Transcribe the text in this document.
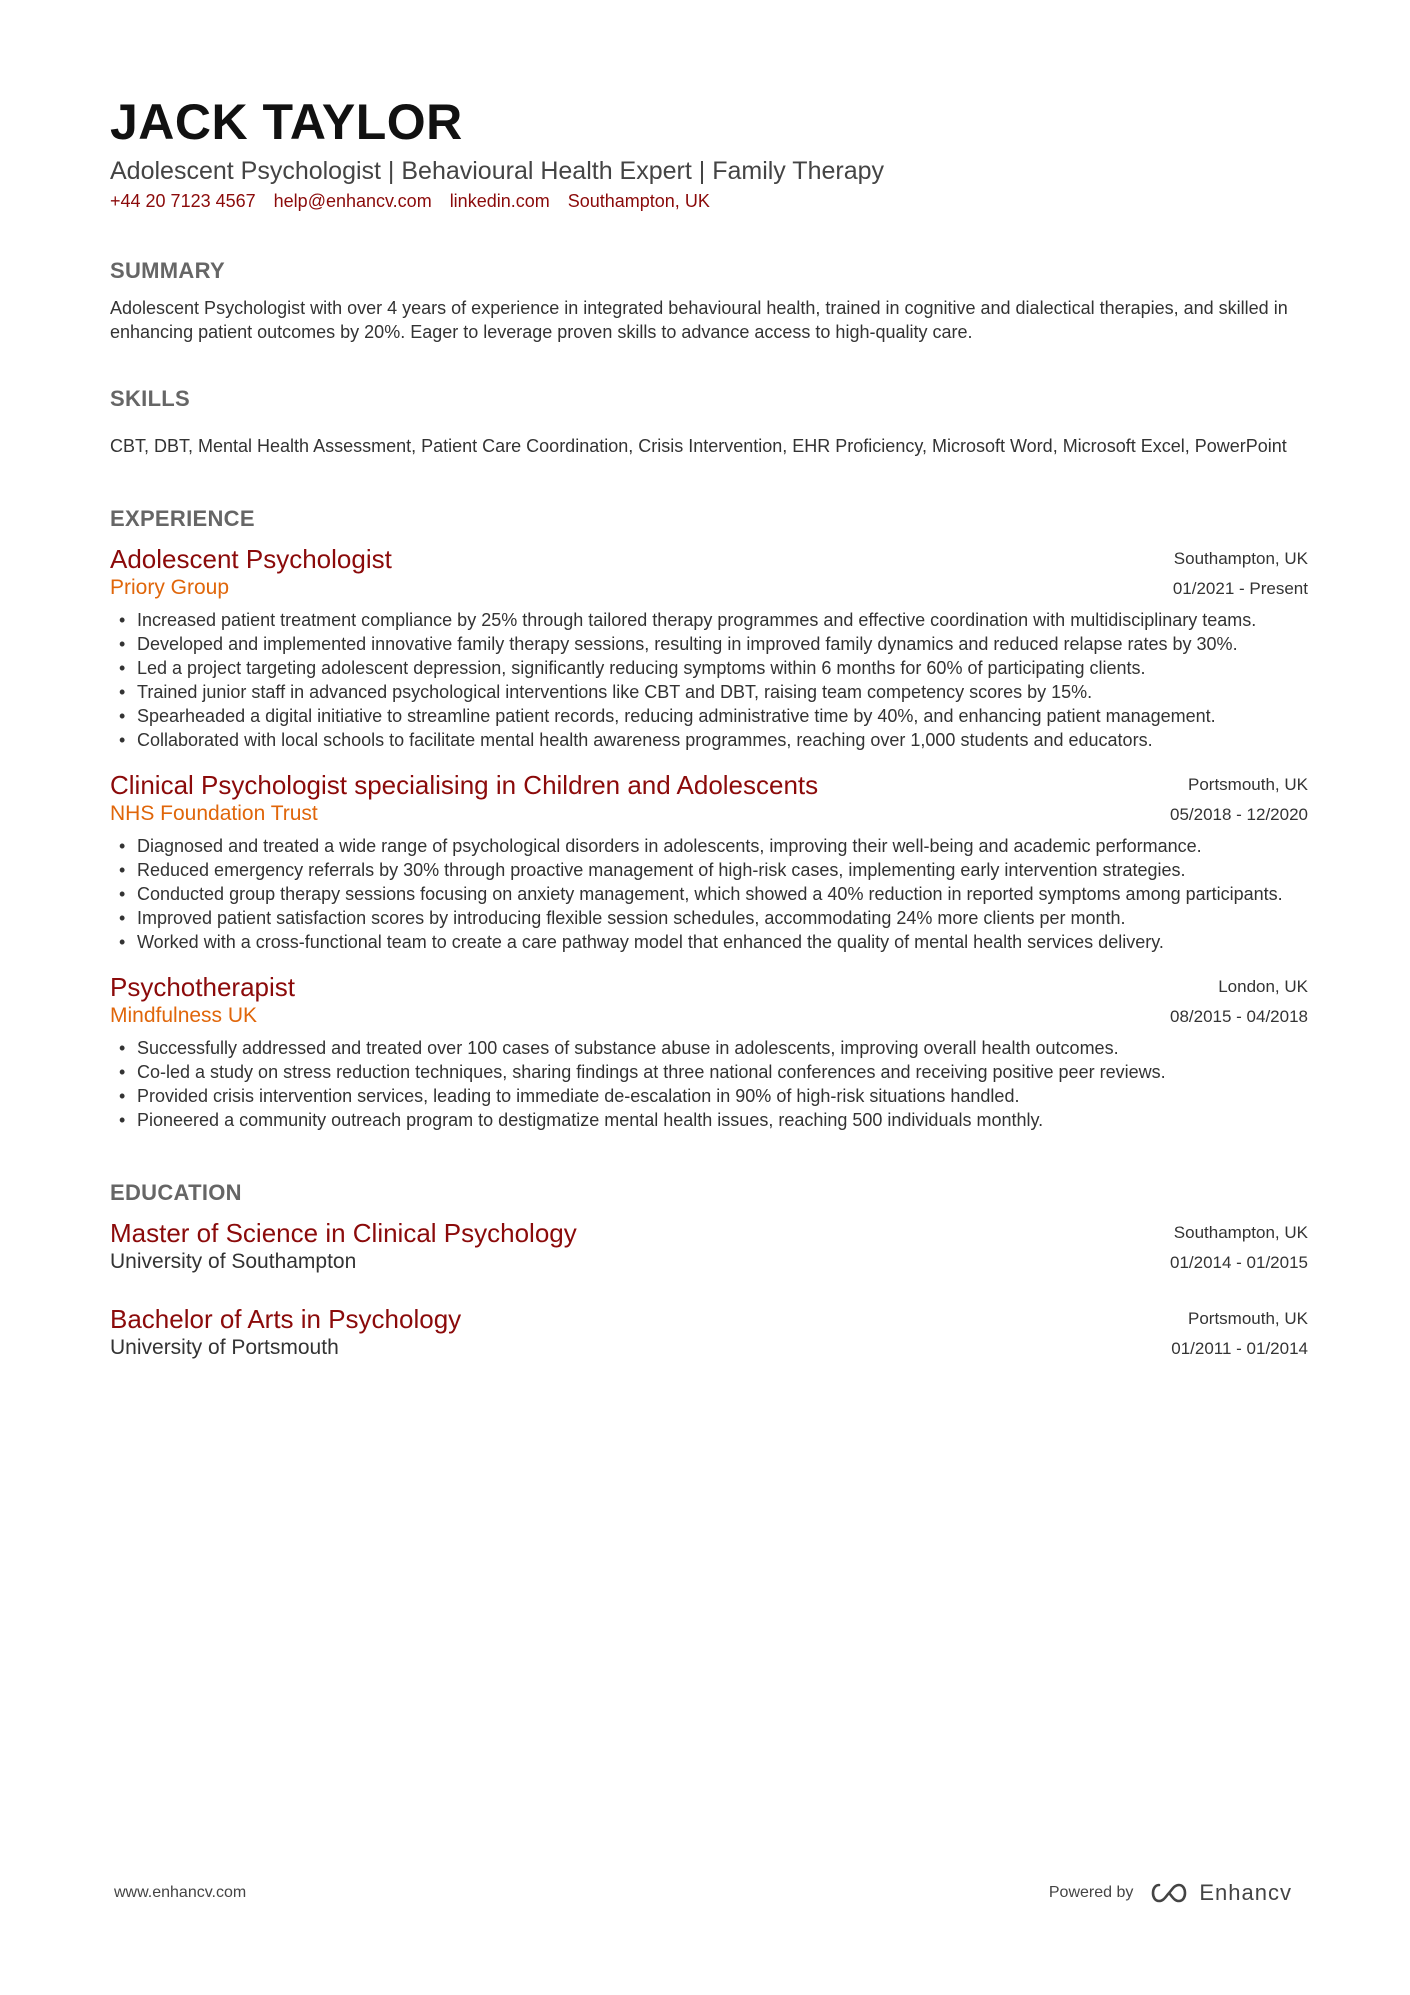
JACK TAYLOR
Adolescent Psychologist | Behavioural Health Expert | Family Therapy
+44 20 7123 4567 help@enhancv.com linkedin.com Southampton, UK
SUMMARY
Adolescent Psychologist with over 4 years of experience in integrated behavioural health, trained in cognitive and dialectical therapies, and skilled in enhancing patient outcomes by 20%. Eager to leverage proven skills to advance access to high-quality care.
SKILLS
CBT, DBT, Mental Health Assessment, Patient Care Coordination, Crisis Intervention, EHR Proficiency, Microsoft Word, Microsoft Excel, PowerPoint
EXPERIENCE
Adolescent Psychologist
Priory Group
Southampton, UK
01/2021 - Present
• Increased patient treatment compliance by 25% through tailored therapy programmes and effective coordination with multidisciplinary teams.
• Developed and implemented innovative family therapy sessions, resulting in improved family dynamics and reduced relapse rates by 30%.
• Led a project targeting adolescent depression, significantly reducing symptoms within 6 months for 60% of participating clients.
• Trained junior staff in advanced psychological interventions like CBT and DBT, raising team competency scores by 15%.
• Spearheaded a digital initiative to streamline patient records, reducing administrative time by 40%, and enhancing patient management.
• Collaborated with local schools to facilitate mental health awareness programmes, reaching over 1,000 students and educators.
Clinical Psychologist specialising in Children and Adolescents
NHS Foundation Trust
Portsmouth, UK
05/2018 - 12/2020
• Diagnosed and treated a wide range of psychological disorders in adolescents, improving their well-being and academic performance.
• Reduced emergency referrals by 30% through proactive management of high-risk cases, implementing early intervention strategies.
• Conducted group therapy sessions focusing on anxiety management, which showed a 40% reduction in reported symptoms among participants.
• Improved patient satisfaction scores by introducing flexible session schedules, accommodating 24% more clients per month.
• Worked with a cross-functional team to create a care pathway model that enhanced the quality of mental health services delivery.
Psychotherapist
Mindfulness UK
London, UK
08/2015 - 04/2018
• Successfully addressed and treated over 100 cases of substance abuse in adolescents, improving overall health outcomes.
• Co-led a study on stress reduction techniques, sharing findings at three national conferences and receiving positive peer reviews.
• Provided crisis intervention services, leading to immediate de-escalation in 90% of high-risk situations handled.
• Pioneered a community outreach program to destigmatize mental health issues, reaching 500 individuals monthly.
EDUCATION
Master of Science in Clinical Psychology
University of Southampton
Southampton, UK
01/2014 - 01/2015
Bachelor of Arts in Psychology
University of Portsmouth
Portsmouth, UK
01/2011 - 01/2014
www.enhancv.com	Powered by	Enhancv
